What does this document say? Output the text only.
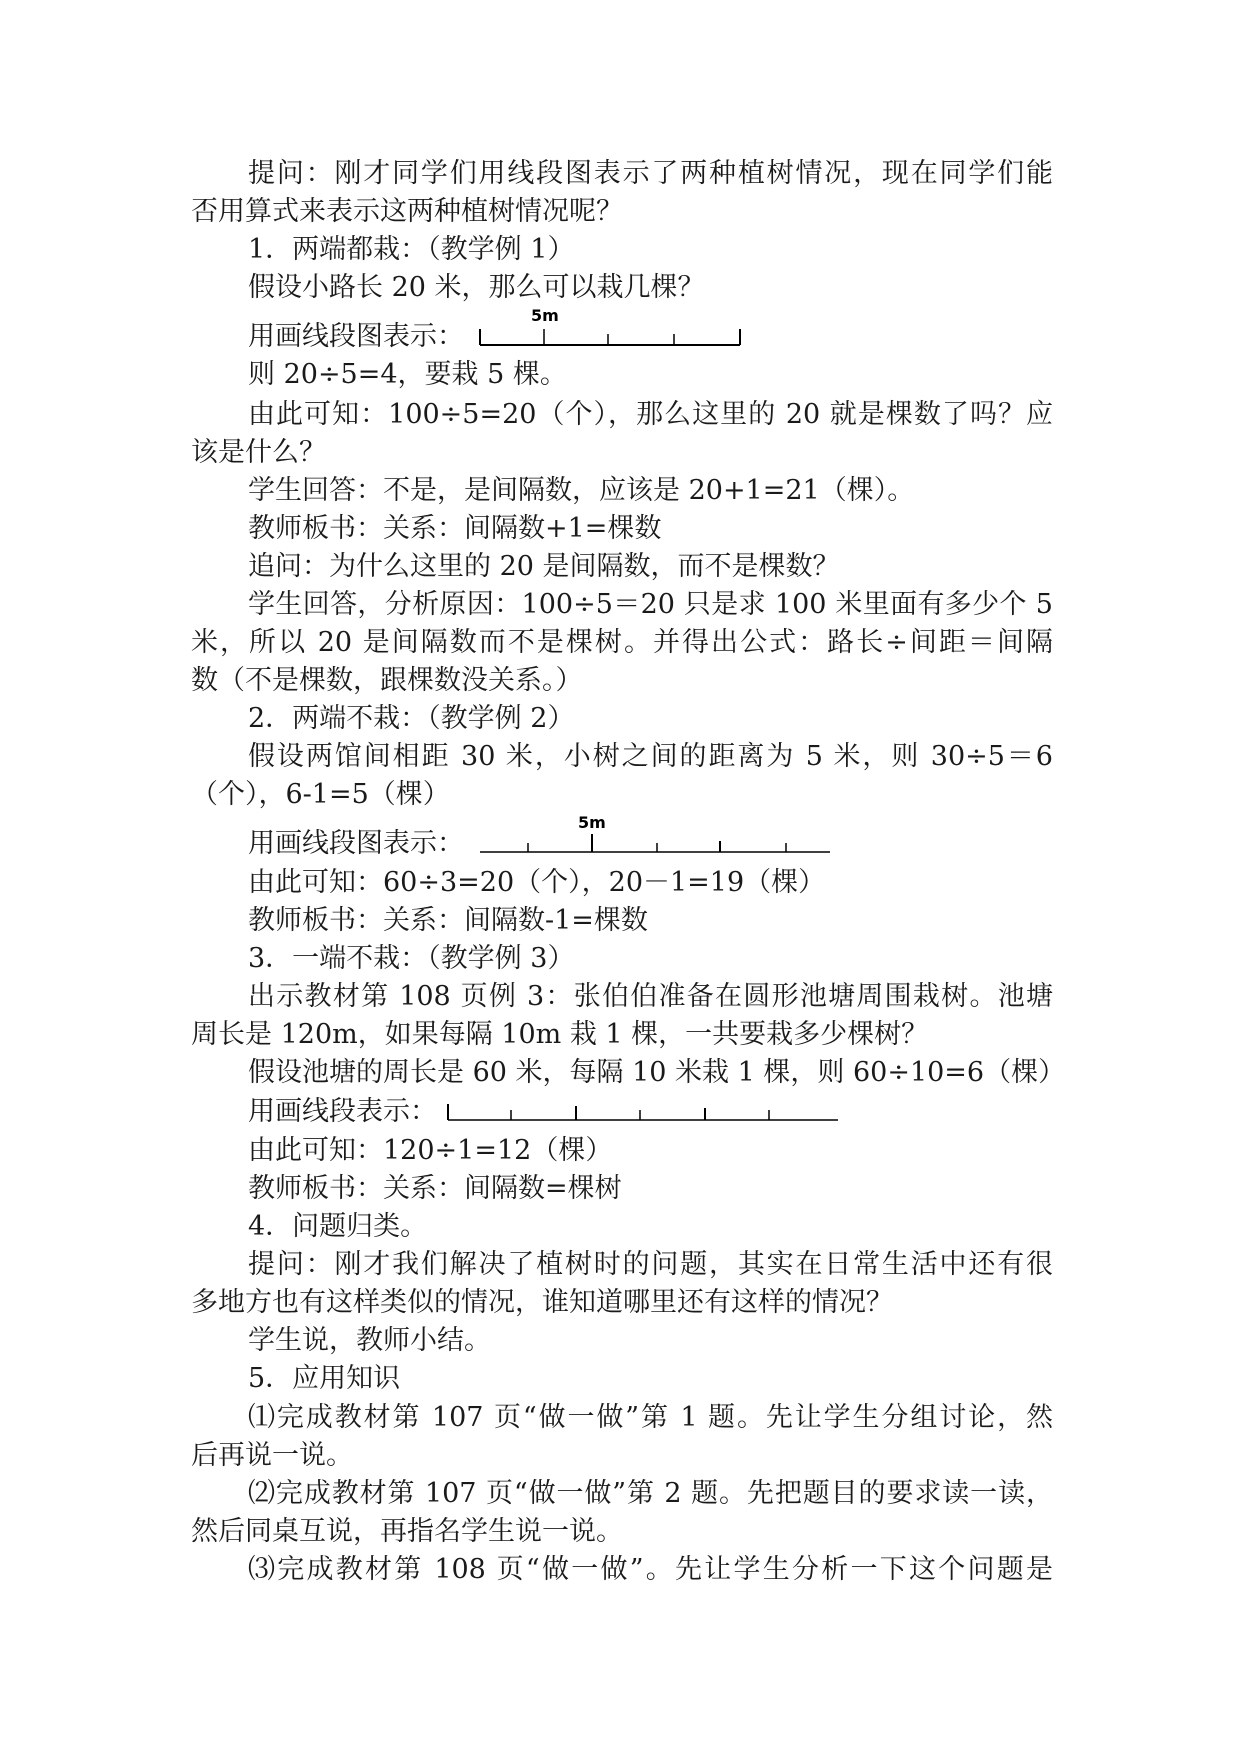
提问：刚才同学们用线段图表示了两种植树情况，现在同学们能
否用算式来表示这两种植树情况呢？
1．两端都栽：（教学例 1）
假设小路长 20 米，那么可以栽几棵？
用画线段图表示：
5m
则 20÷5=4，要栽 5 棵。
由此可知：100÷5=20（个），那么这里的 20 就是棵数了吗？应
该是什么？
学生回答：不是，是间隔数，应该是 20+1=21（棵）。
教师板书：关系：间隔数+1=棵数
追问：为什么这里的 20 是间隔数，而不是棵数？
学生回答，分析原因：100÷5＝20 只是求 100 米里面有多少个 5
米，所以 20 是间隔数而不是棵树。并得出公式：路长÷间距＝间隔
数（不是棵数，跟棵数没关系。）
2．两端不栽：（教学例 2）
假设两馆间相距 30 米，小树之间的距离为 5 米，则 30÷5＝6
（个），6-1=5（棵）
用画线段图表示：
5m
由此可知：60÷3=20（个），20－1=19（棵）
教师板书：关系：间隔数-1=棵数
3．一端不栽：（教学例 3）
出示教材第 108 页例 3：张伯伯准备在圆形池塘周围栽树。池塘
周长是 120m，如果每隔 10m 栽 1 棵，一共要栽多少棵树？
假设池塘的周长是 60 米，每隔 10 米栽 1 棵，则 60÷10=6（棵）
用画线段表示：
由此可知：120÷1=12（棵）
教师板书：关系：间隔数=棵树
4．问题归类。
提问：刚才我们解决了植树时的问题，其实在日常生活中还有很
多地方也有这样类似的情况，谁知道哪里还有这样的情况？
学生说，教师小结。
5．应用知识
⑴完成教材第 107 页“做一做”第 1 题。先让学生分组讨论，然
后再说一说。
⑵完成教材第 107 页“做一做”第 2 题。先把题目的要求读一读，
然后同桌互说，再指名学生说一说。
⑶完成教材第 108 页“做一做”。先让学生分析一下这个问题是
